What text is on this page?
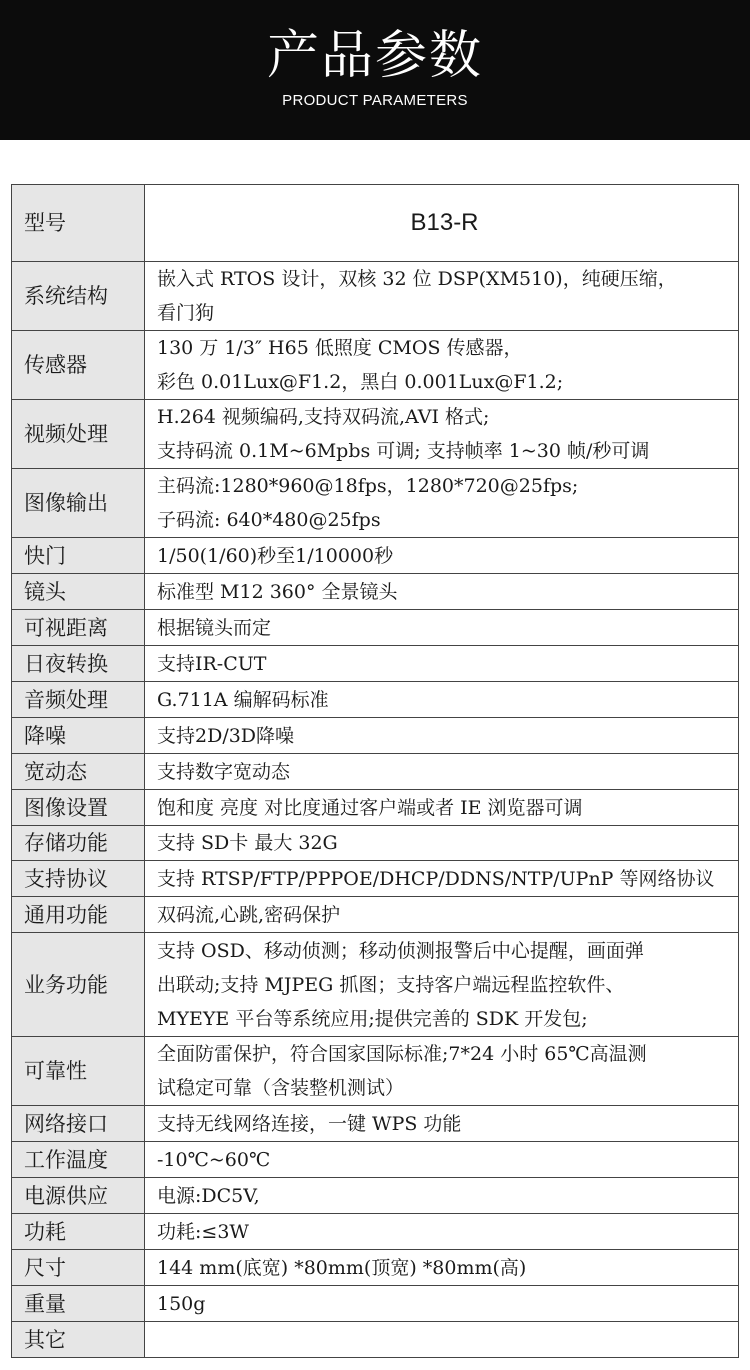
产品参数
PRODUCT PARAMETERS
型号	B13-R
系统结构	嵌入式 RTOS 设计，双核 32 位 DSP(XM510)，纯硬压缩，
看门狗
传感器	130 万 1/3″ H65 低照度 CMOS 传感器，
彩色 0.01Lux@F1.2，黑白 0.001Lux@F1.2;
视频处理	H.264 视频编码,支持双码流,AVI 格式;
支持码流 0.1M~6Mpbs 可调; 支持帧率 1~30 帧/秒可调
图像输出	主码流:1280*960@18fps，1280*720@25fps;
子码流: 640*480@25fps
快门	1/50(1/60)秒至1/10000秒
镜头	标准型 M12 360° 全景镜头
可视距离	根据镜头而定
日夜转换	支持IR-CUT
音频处理	G.711A 编解码标准
降噪	支持2D/3D降噪
宽动态	支持数字宽动态
图像设置	饱和度 亮度 对比度通过客户端或者 IE 浏览器可调
存储功能	支持 SD卡 最大 32G
支持协议	支持 RTSP/FTP/PPPOE/DHCP/DDNS/NTP/UPnP 等网络协议
通用功能	双码流,心跳,密码保护
业务功能	支持 OSD、移动侦测；移动侦测报警后中心提醒，画面弹
出联动;支持 MJPEG 抓图；支持客户端远程监控软件、
MYEYE 平台等系统应用;提供完善的 SDK 开发包;
可靠性	全面防雷保护，符合国家国际标准;7*24 小时 65℃高温测
试稳定可靠（含装整机测试）
网络接口	支持无线网络连接，一键 WPS 功能
工作温度	-10℃~60℃
电源供应	电源:DC5V,
功耗	功耗:≤3W
尺寸	144 mm(底宽) *80mm(顶宽) *80mm(高)
重量	150g
其它	
